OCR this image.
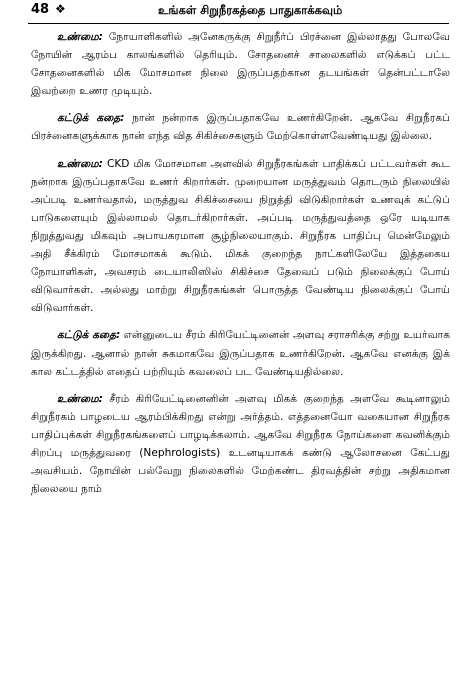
48 ❖	உங்கள் சிறுநீரகத்தை பாதுகாக்கவும்

உண்மை: நோயாளிகளில் அனேகருக்கு சிறுநீர்ப் பிரச்னை இல்லாதது போலவே நோயின் ஆரம்ப காலங்களில் தெரியும். சோதனைச் சாலைகளில் எடுக்கப் பட்ட சோதனைகளில் மிக மோசமான நிலை இருப்பதற்கான தடயங்கள் தென்பட்டாலே இவற்றை உணர முடியும்.

கட்டுக் கதை: நான் நன்றாக இருப்பதாகவே உணர்கிறேன். ஆகவே சிறுநீரகப் பிரச்னைகளுக்காக நான் எந்த வித சிகிச்சைகளும் மேற்கொள்ளவேண்டியது இல்லை.

உண்மை: CKD மிக மோசமான அளவில் சிறுநீரகங்கள் பாதிக்கப் பட்டவர்கள் கூட நன்றாக இருப்பதாகவே உணர் கிறார்கள். முறையான மருத்துவம் தொடரும் நிலையில் அப்படி உணர்வதால், மருத்துவ சிகிச்சையை நிறுத்தி விடுகிறார்கள் உணவுக் கட்டுப் பாடுகளையும் இல்லாமல் தொடர்கிறார்கள். அப்படி மருத்துவத்தை ஒரே யடியாக நிறுத்துவது மிகவும் அபாயகரமான சூழ்நிலையாகும். சிறுநீரக பாதிப்பு மென்மேலும் அதி சீக்கிரம் மோசமாகக் கூடும். மிகக் குறைந்த நாட்களிலேயே இத்தகைய நோயாளிகள், அவசரம் டையாலிஸிஸ் சிகிச்சை தேவைப் படும் நிலைக்குப் போய் விடுவார்கள். அல்லது மாற்று சிறுநீரகங்கள் பொருத்த வேண்டிய நிலைக்குப் போய் விடுவார்கள்.

கட்டுக் கதை: என்னுடைய சீரம் கிரியேட்டினைன் அளவு சராசரிக்கு சற்று உயர்வாக இருக்கிறது. ஆனால் நான் சுகமாகவே இருப்பதாக உணர்கிறேன். ஆகவே எனக்கு இக் கால கட்டத்தில் எதைப் பற்றியும் கவலைப் பட வேண்டியதில்லை.

உண்மை: சீரம் கிரியேட்டினைனின் அளவு மிகக் குறைந்த அளவே கூடினாலும் சிறுநீரகம் பாழடைய ஆரம்பிக்கிறது என்று அர்த்தம். எத்தனையோ வகையான சிறுநீரக பாதிப்புக்கள் சிறுநீரகங்களைப் பாழடிக்கலாம். ஆகவே சிறுநீரக நோய்களை கவனிக்கும் சிறப்பு மருத்துவரை (Nephrologists) உடனடியாகக் கண்டு ஆலோசனை கேட்பது அவசியம். நோயின் பல்வேறு நிலைகளில் மேற்கண்ட திரவத்தின் சற்று அதிகமான நிலையை நாம்
